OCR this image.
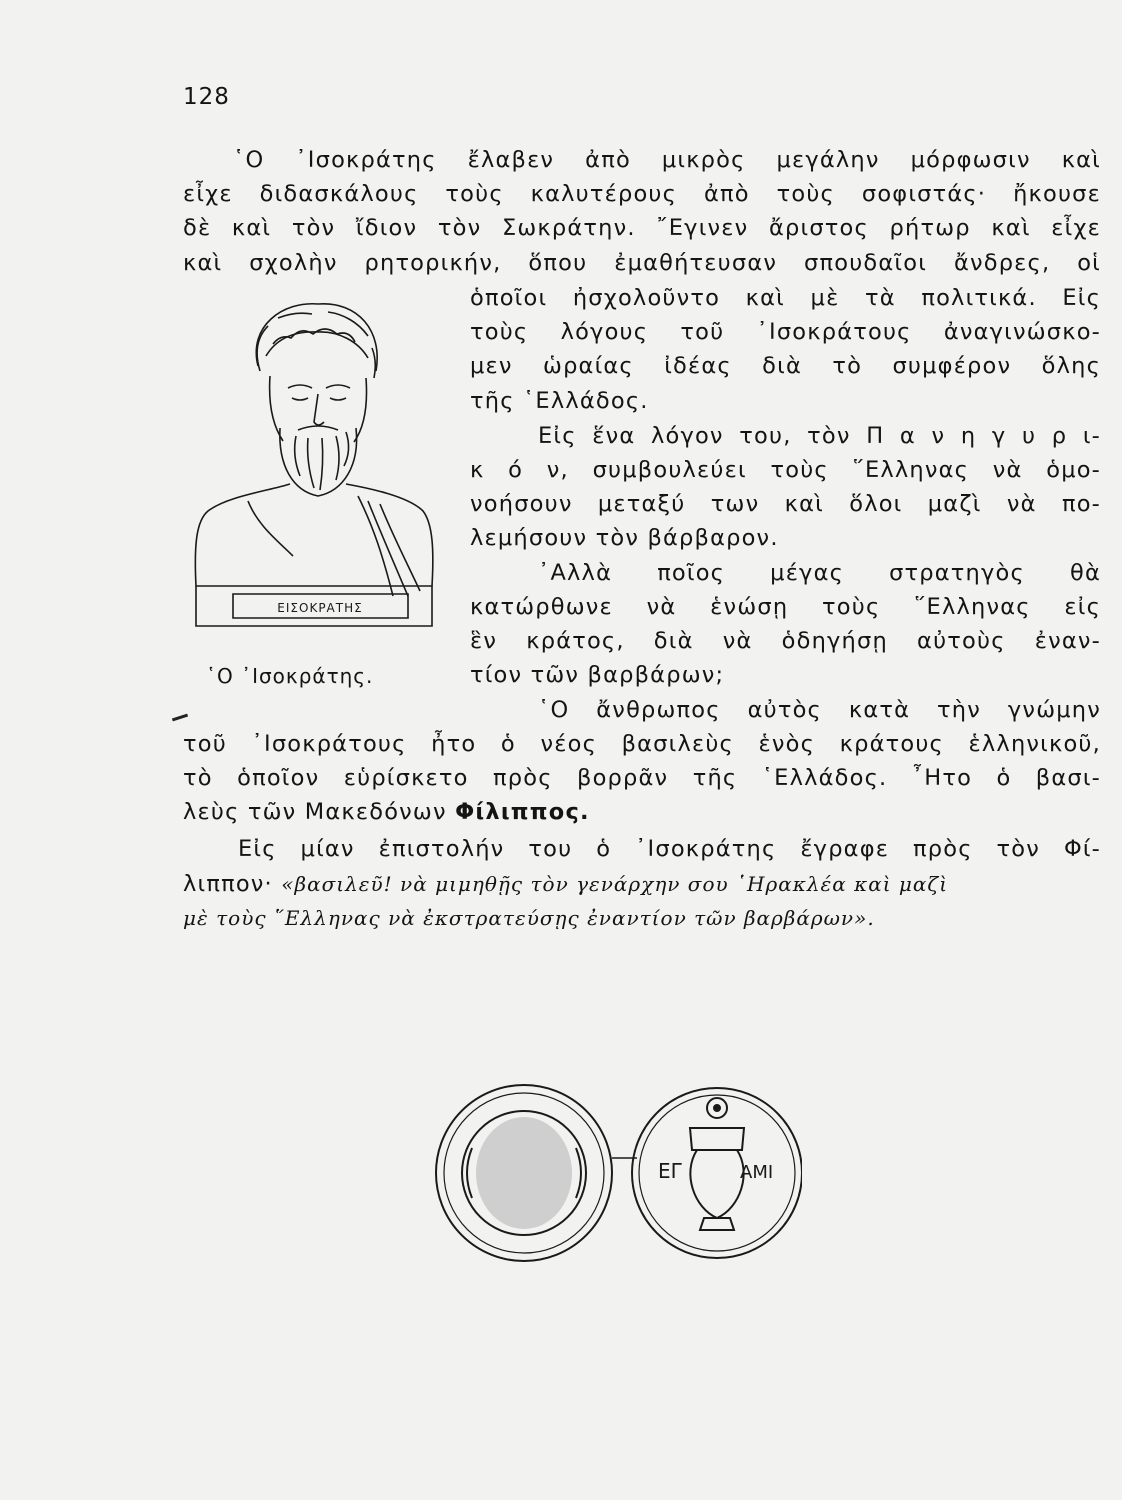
128
῾Ο ᾿Ισοκράτης ἔλαβεν ἀπὸ μικρὸς μεγάλην μόρφωσιν καὶ
εἶχε διδασκάλους τοὺς καλυτέρους ἀπὸ τοὺς σοφιστάς· ἤκουσε
δὲ καὶ τὸν ἴδιον τὸν Σωκράτην. ῎Εγινεν ἄριστος ρήτωρ καὶ εἶχε
καὶ σχολὴν ρητορικήν, ὅπου ἐμαθήτευσαν σπουδαῖοι ἄνδρες, οἱ
ὁποῖοι ἠσχολοῦντο καὶ μὲ τὰ πολιτικά. Εἰς
τοὺς λόγους τοῦ ᾿Ισοκράτους ἀναγινώσκο-
μεν ὡραίας ἰδέας διὰ τὸ συμφέρον ὅλης
τῆς ῾Ελλάδος.
Εἰς ἕνα λόγον του, τὸν Π α ν η γ υ ρ ι-
κ ό ν, συμβουλεύει τοὺς ῞Ελληνας νὰ ὁμο-
νοήσουν μεταξύ των καὶ ὅλοι μαζὶ νὰ πο-
λεμήσουν τὸν βάρβαρον.
᾿Αλλὰ ποῖος μέγας στρατηγὸς θὰ
κατώρθωνε νὰ ἑνώσῃ τοὺς ῞Ελληνας εἰς
ἓν κράτος, διὰ νὰ ὁδηγήσῃ αὐτοὺς ἐναν-
τίον τῶν βαρβάρων;
῾Ο ἄνθρωπος αὐτὸς κατὰ τὴν γνώμην
τοῦ ᾿Ισοκράτους ἦτο ὁ νέος βασιλεὺς ἑνὸς κράτους ἑλληνικοῦ,
τὸ ὁποῖον εὑρίσκετο πρὸς βορρᾶν τῆς ῾Ελλάδος. ῏Ητο ὁ βασι-
λεὺς τῶν Μακεδόνων Φίλιππος.
Εἰς μίαν ἐπιστολήν του ὁ ᾿Ισοκράτης ἔγραφε πρὸς τὸν Φί-
λιππον· «βασιλεῦ! νὰ μιμηθῇς τὸν γενάρχην σου ῾Ηρακλέα καὶ μαζὶ
μὲ τοὺς ῞Ελληνας νὰ ἐκστρατεύσῃς ἐναντίον τῶν βαρβάρων».
ΕΙΣΟΚΡΑΤΗΣ
῾Ο ᾿Ισοκράτης.
ΕΓ	ΑΜΙ
